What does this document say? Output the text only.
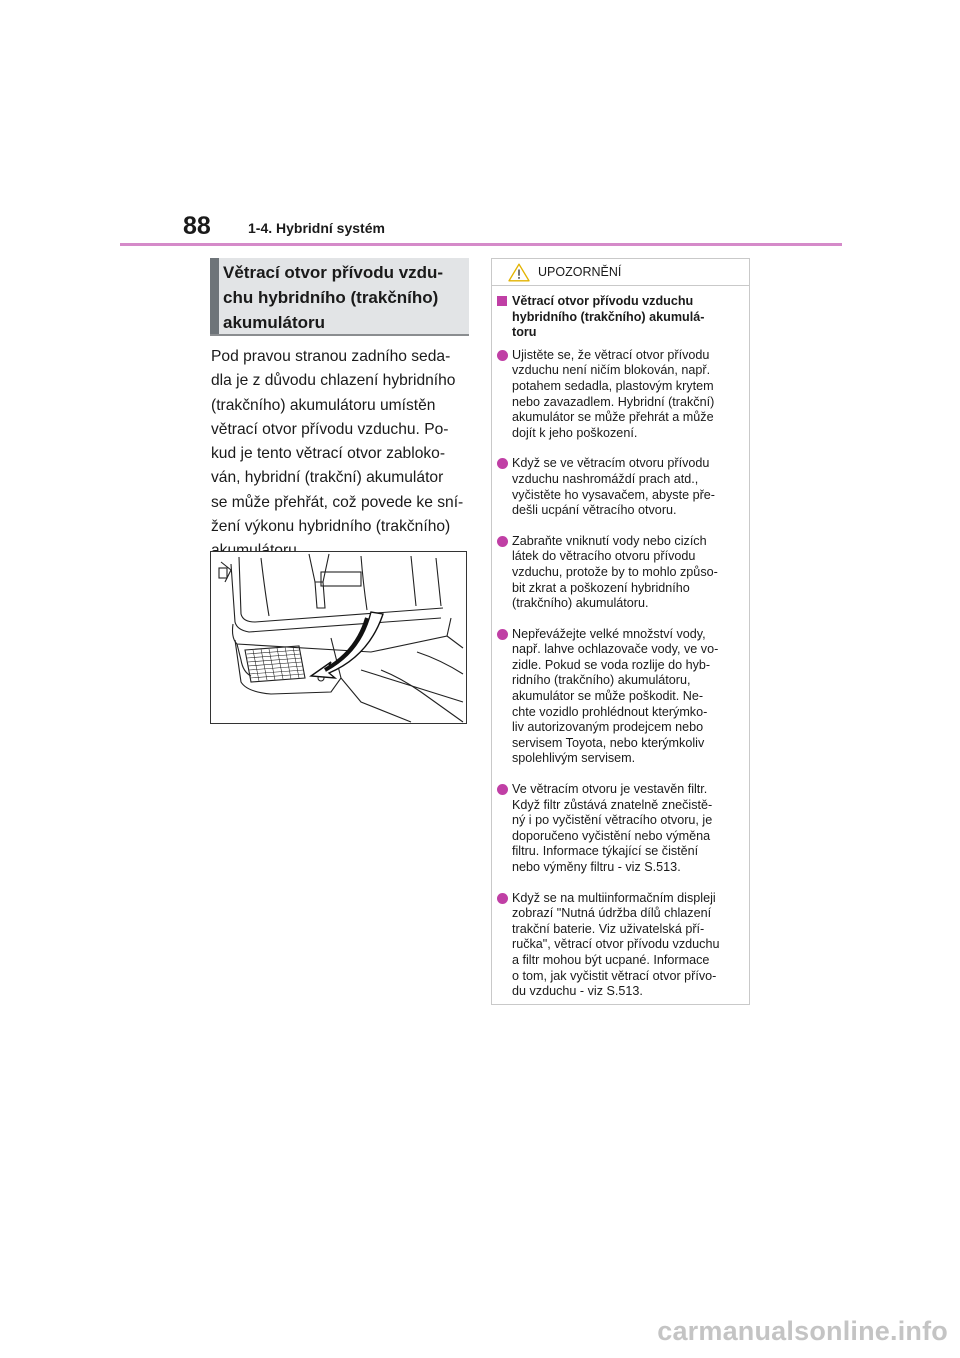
88	1-4. Hybridní systém
Větrací otvor přívodu vzdu-
chu hybridního (trakčního)
akumulátoru
Pod pravou stranou zadního seda-
dla je z důvodu chlazení hybridního
(trakčního) akumulátoru umístěn
větrací otvor přívodu vzduchu. Po-
kud je tento větrací otvor zabloko-
ván, hybridní (trakční) akumulátor
se může přehřát, což povede ke sní-
žení výkonu hybridního (trakčního)
UPOZORNĚNÍ
Větrací otvor přívodu vzduchu
hybridního (trakčního) akumulá-
toru
Ujistěte se, že větrací otvor přívodu
vzduchu není ničím blokován, např.
potahem sedadla, plastovým krytem
nebo zavazadlem. Hybridní (trakční)
akumulátor se může přehrát a může
dojít k jeho poškození.
Když se ve větracím otvoru přívodu
vzduchu nashromáždí prach atd.,
vyčistěte ho vysavačem, abyste pře-
dešli ucpání větracího otvoru.
Zabraňte vniknutí vody nebo cizích
látek do větracího otvoru přívodu
vzduchu, protože by to mohlo způso-
bit zkrat a poškození hybridního
(trakčního) akumulátoru.
Nepřevážejte velké množství vody,
např. lahve ochlazovače vody, ve vo-
zidle. Pokud se voda rozlije do hyb-
ridního (trakčního) akumulátoru,
akumulátor se může poškodit. Ne-
chte vozidlo prohlédnout kterýmko-
liv autorizovaným prodejcem nebo
servisem Toyota, nebo kterýmkoliv
spolehlivým servisem.
Ve větracím otvoru je vestavěn filtr.
Když filtr zůstává znatelně znečistě-
ný i po vyčistění větracího otvoru, je
doporučeno vyčistění nebo výměna
filtru. Informace týkající se čistění
nebo výměny filtru - viz S.513.
Když se na multiinformačním displeji
zobrazí "Nutná údržba dílů chlazení
trakční baterie. Viz uživatelská pří-
ručka", větrací otvor přívodu vzduchu
a filtr mohou být ucpané. Informace
o tom, jak vyčistit větrací otvor přívo-
du vzduchu - viz S.513.
carmanualsonline.info
